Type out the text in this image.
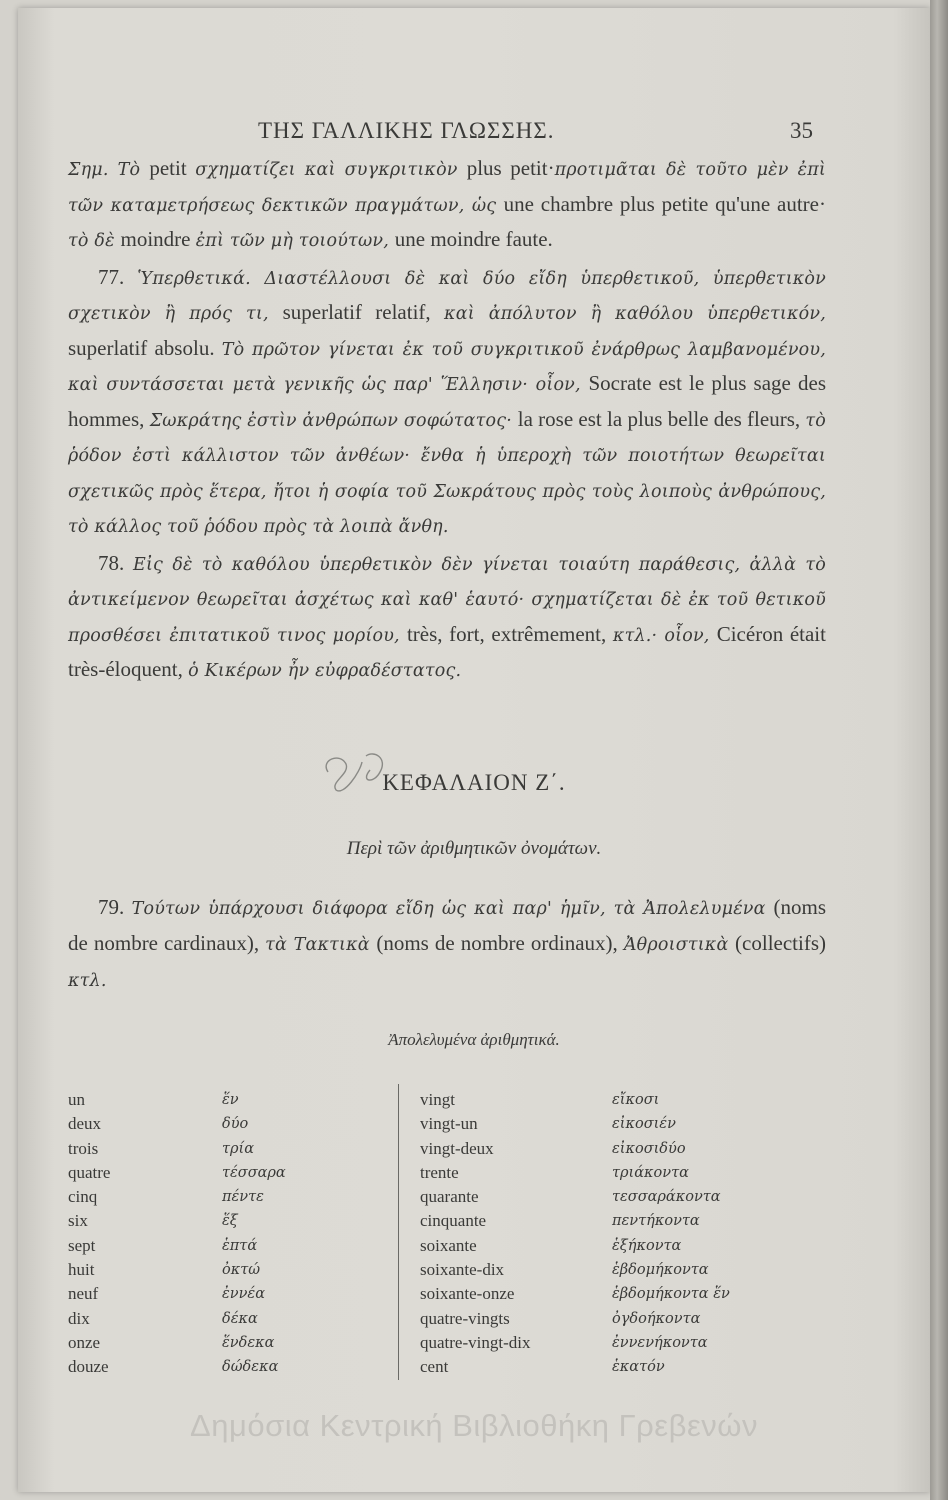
ΤΗΣ ΓΑΛΛΙΚΗΣ ΓΛΩΣΣΗΣ.	35

Σημ. Τὸ petit σχηματίζει καὶ συγκριτικὸν plus petit·προτιμᾶται δὲ τοῦτο μὲν ἐπὶ τῶν καταμετρήσεως δεκτικῶν πραγμάτων, ὡς une chambre plus petite qu'une autre· τὸ δὲ moindre ἐπὶ τῶν μὴ τοιούτων, une moindre faute.

77. Ὑπερθετικά. Διαστέλλουσι δὲ καὶ δύο εἴδη ὑπερθετικοῦ, ὑπερθετικὸν σχετικὸν ἢ πρός τι, superlatif relatif, καὶ ἀπόλυτον ἢ καθόλου ὑπερθετικόν, superlatif absolu. Τὸ πρῶτον γίνεται ἐκ τοῦ συγκριτικοῦ ἐνάρθρως λαμβανομένου, καὶ συντάσσεται μετὰ γενικῆς ὡς παρ' Ἕλλησιν· οἷον, Socrate est le plus sage des hommes, Σωκράτης ἐστὶν ἀνθρώπων σοφώτατος· la rose est la plus belle des fleurs, τὸ ῥόδον ἐστὶ κάλλιστον τῶν ἀνθέων· ἔνθα ἡ ὑπεροχὴ τῶν ποιοτήτων θεωρεῖται σχετικῶς πρὸς ἕτερα, ἤτοι ἡ σοφία τοῦ Σωκράτους πρὸς τοὺς λοιποὺς ἀνθρώπους, τὸ κάλλος τοῦ ῥόδου πρὸς τὰ λοιπὰ ἄνθη.

78. Εἰς δὲ τὸ καθόλου ὑπερθετικὸν δὲν γίνεται τοιαύτη παράθεσις, ἀλλὰ τὸ ἀντικείμενον θεωρεῖται ἀσχέτως καὶ καθ' ἑαυτό· σχηματίζεται δὲ ἐκ τοῦ θετικοῦ προσθέσει ἐπιτατικοῦ τινος μορίου, très, fort, extrêmement, κτλ.· οἷον, Cicéron était très-éloquent, ὁ Κικέρων ἦν εὐφραδέστατος.

ΚΕΦΑΛΑΙΟΝ Ζ΄.
Περὶ τῶν ἀριθμητικῶν ὀνομάτων.

79. Τούτων ὑπάρχουσι διάφορα εἴδη ὡς καὶ παρ' ἡμῖν, τὰ Ἀπολελυμένα (noms de nombre cardinaux), τὰ Τακτικὰ (noms de nombre ordinaux), Ἀθροιστικὰ (collectifs) κτλ.

Ἀπολελυμένα ἀριθμητικά.
un
deux
trois
quatre
cinq
six
sept
huit
neuf
dix
onze
douze
ἕν
δύο
τρία
τέσσαρα
πέντε
ἕξ
ἑπτά
ὀκτώ
ἐννέα
δέκα
ἕνδεκα
δώδεκα
vingt
vingt-un
vingt-deux
trente
quarante
cinquante
soixante
soixante-dix
soixante-onze
quatre-vingts
quatre-vingt-dix
cent
εἴκοσι
εἰκοσιέν
εἰκοσιδύο
τριάκοντα
τεσσαράκοντα
πεντήκοντα
ἑξήκοντα
ἑβδομήκοντα
ἑβδομήκοντα ἕν
ὀγδοήκοντα
ἐννενήκοντα
ἑκατόν
Δημόσια Κεντρική Βιβλιοθήκη Γρεβενών
